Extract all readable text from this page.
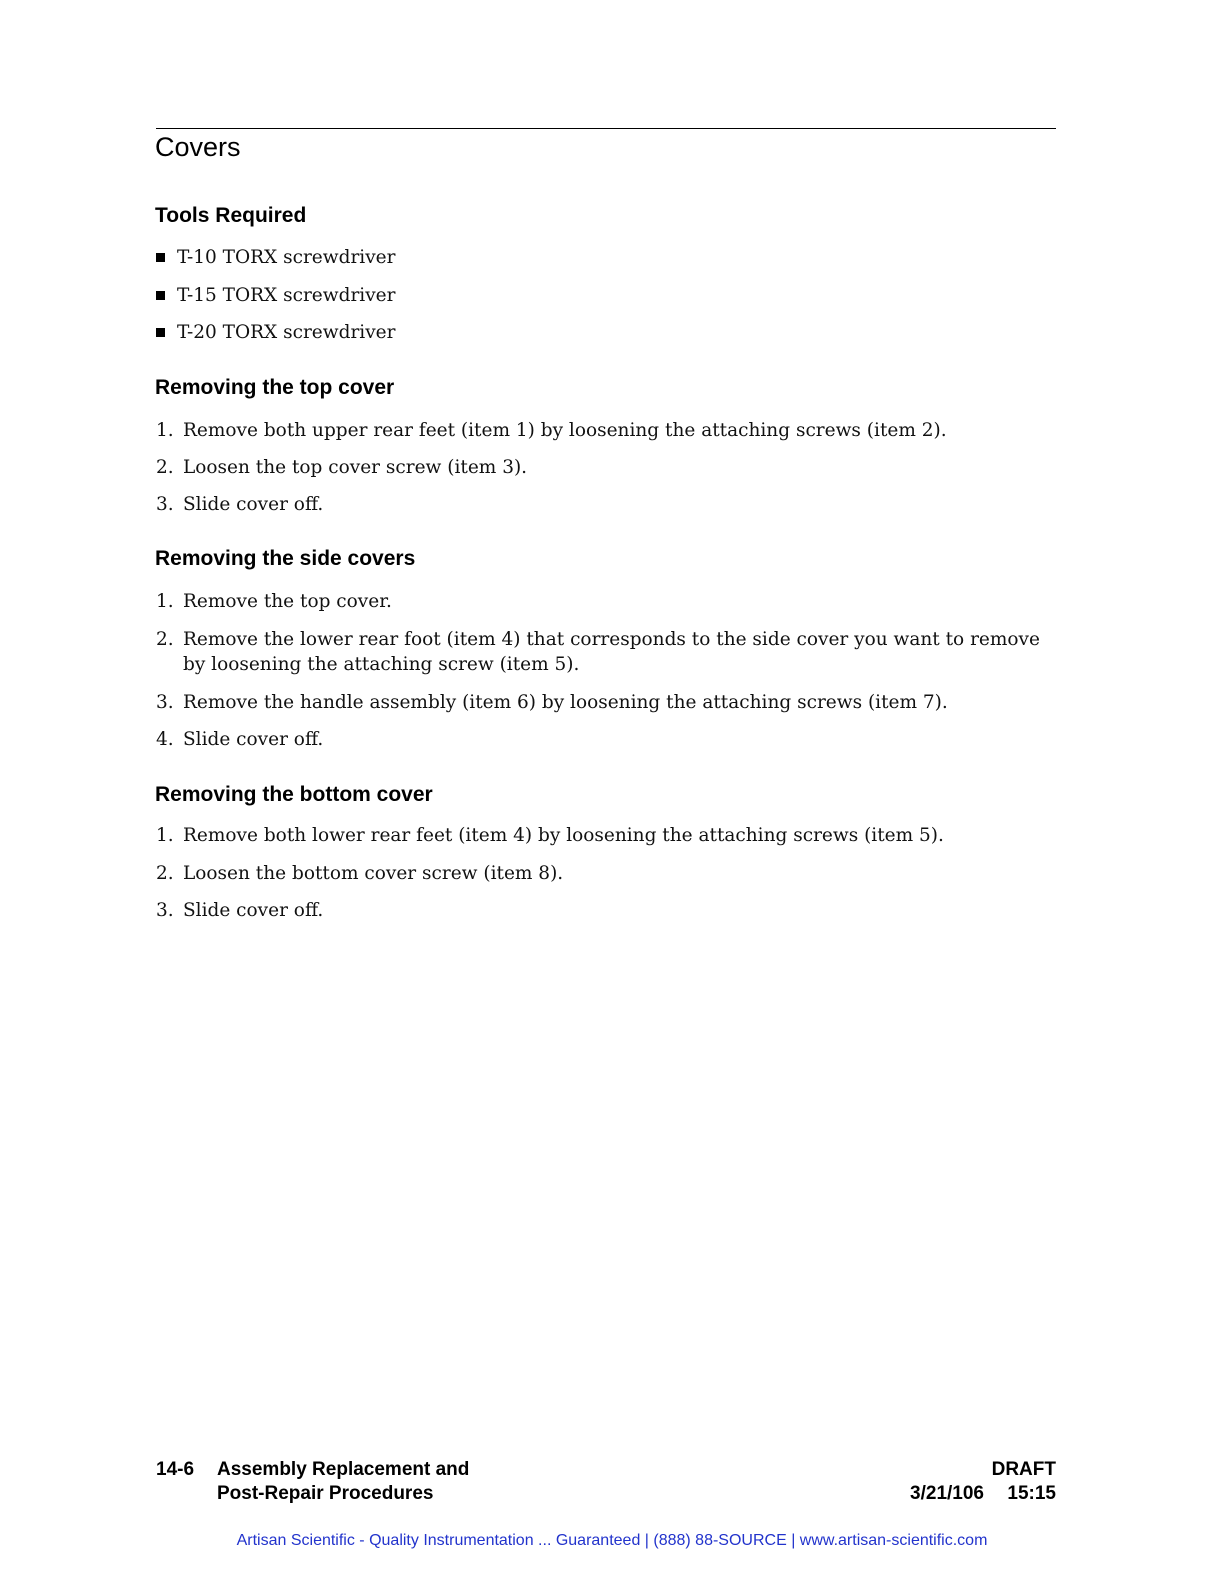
Covers
Tools Required
T-10 TORX screwdriver
T-15 TORX screwdriver
T-20 TORX screwdriver
Removing the top cover
1. Remove both upper rear feet (item 1) by loosening the attaching screws (item 2).
2. Loosen the top cover screw (item 3).
3. Slide cover off.
Removing the side covers
1. Remove the top cover.
2. Remove the lower rear foot (item 4) that corresponds to the side cover you want to remove
by loosening the attaching screw (item 5).
3. Remove the handle assembly (item 6) by loosening the attaching screws (item 7).
4. Slide cover off.
Removing the bottom cover
1. Remove both lower rear feet (item 4) by loosening the attaching screws (item 5).
2. Loosen the bottom cover screw (item 8).
3. Slide cover off.
14-6 Assembly Replacement and
Post-Repair Procedures
DRAFT
3/21/106 15:15
Artisan Scientific - Quality Instrumentation ... Guaranteed | (888) 88-SOURCE | www.artisan-scientific.com
